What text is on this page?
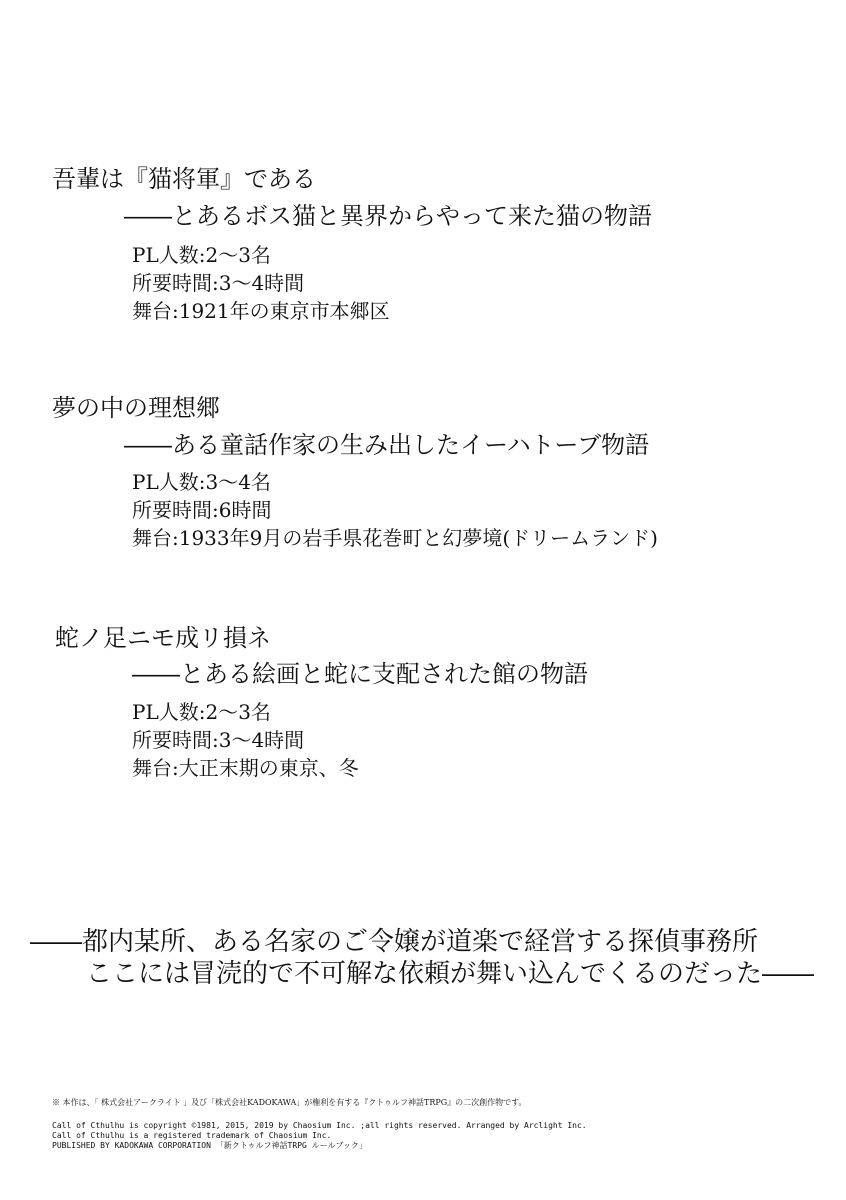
吾輩は『猫将軍』である
――とあるボス猫と異界からやって来た猫の物語
PL人数:2～3名
所要時間:3～4時間
舞台:1921年の東京市本郷区
夢の中の理想郷
――ある童話作家の生み出したイーハトーブ物語
PL人数:3～4名
所要時間:6時間
舞台:1933年9月の岩手県花巻町と幻夢境(ドリームランド)
蛇ノ足ニモ成リ損ネ
――とある絵画と蛇に支配された館の物語
PL人数:2～3名
所要時間:3～4時間
舞台:大正末期の東京、冬
――都内某所、ある名家のご令嬢が道楽で経営する探偵事務所
ここには冒涜的で不可解な依頼が舞い込んでくるのだった――
※ 本作は、「 株式会社アークライト 」及び「株式会社KADOKAWA」が権利を有する『クトゥルフ神話TRPG』の二次創作物です。
Call of Cthulhu is copyright ©1981, 2015, 2019 by Chaosium Inc. ;all rights reserved. Arranged by Arclight Inc.
Call of Cthulhu is a registered trademark of Chaosium Inc.
PUBLISHED BY KADOKAWA CORPORATION 「新クトゥルフ神話TRPG ルールブック」
